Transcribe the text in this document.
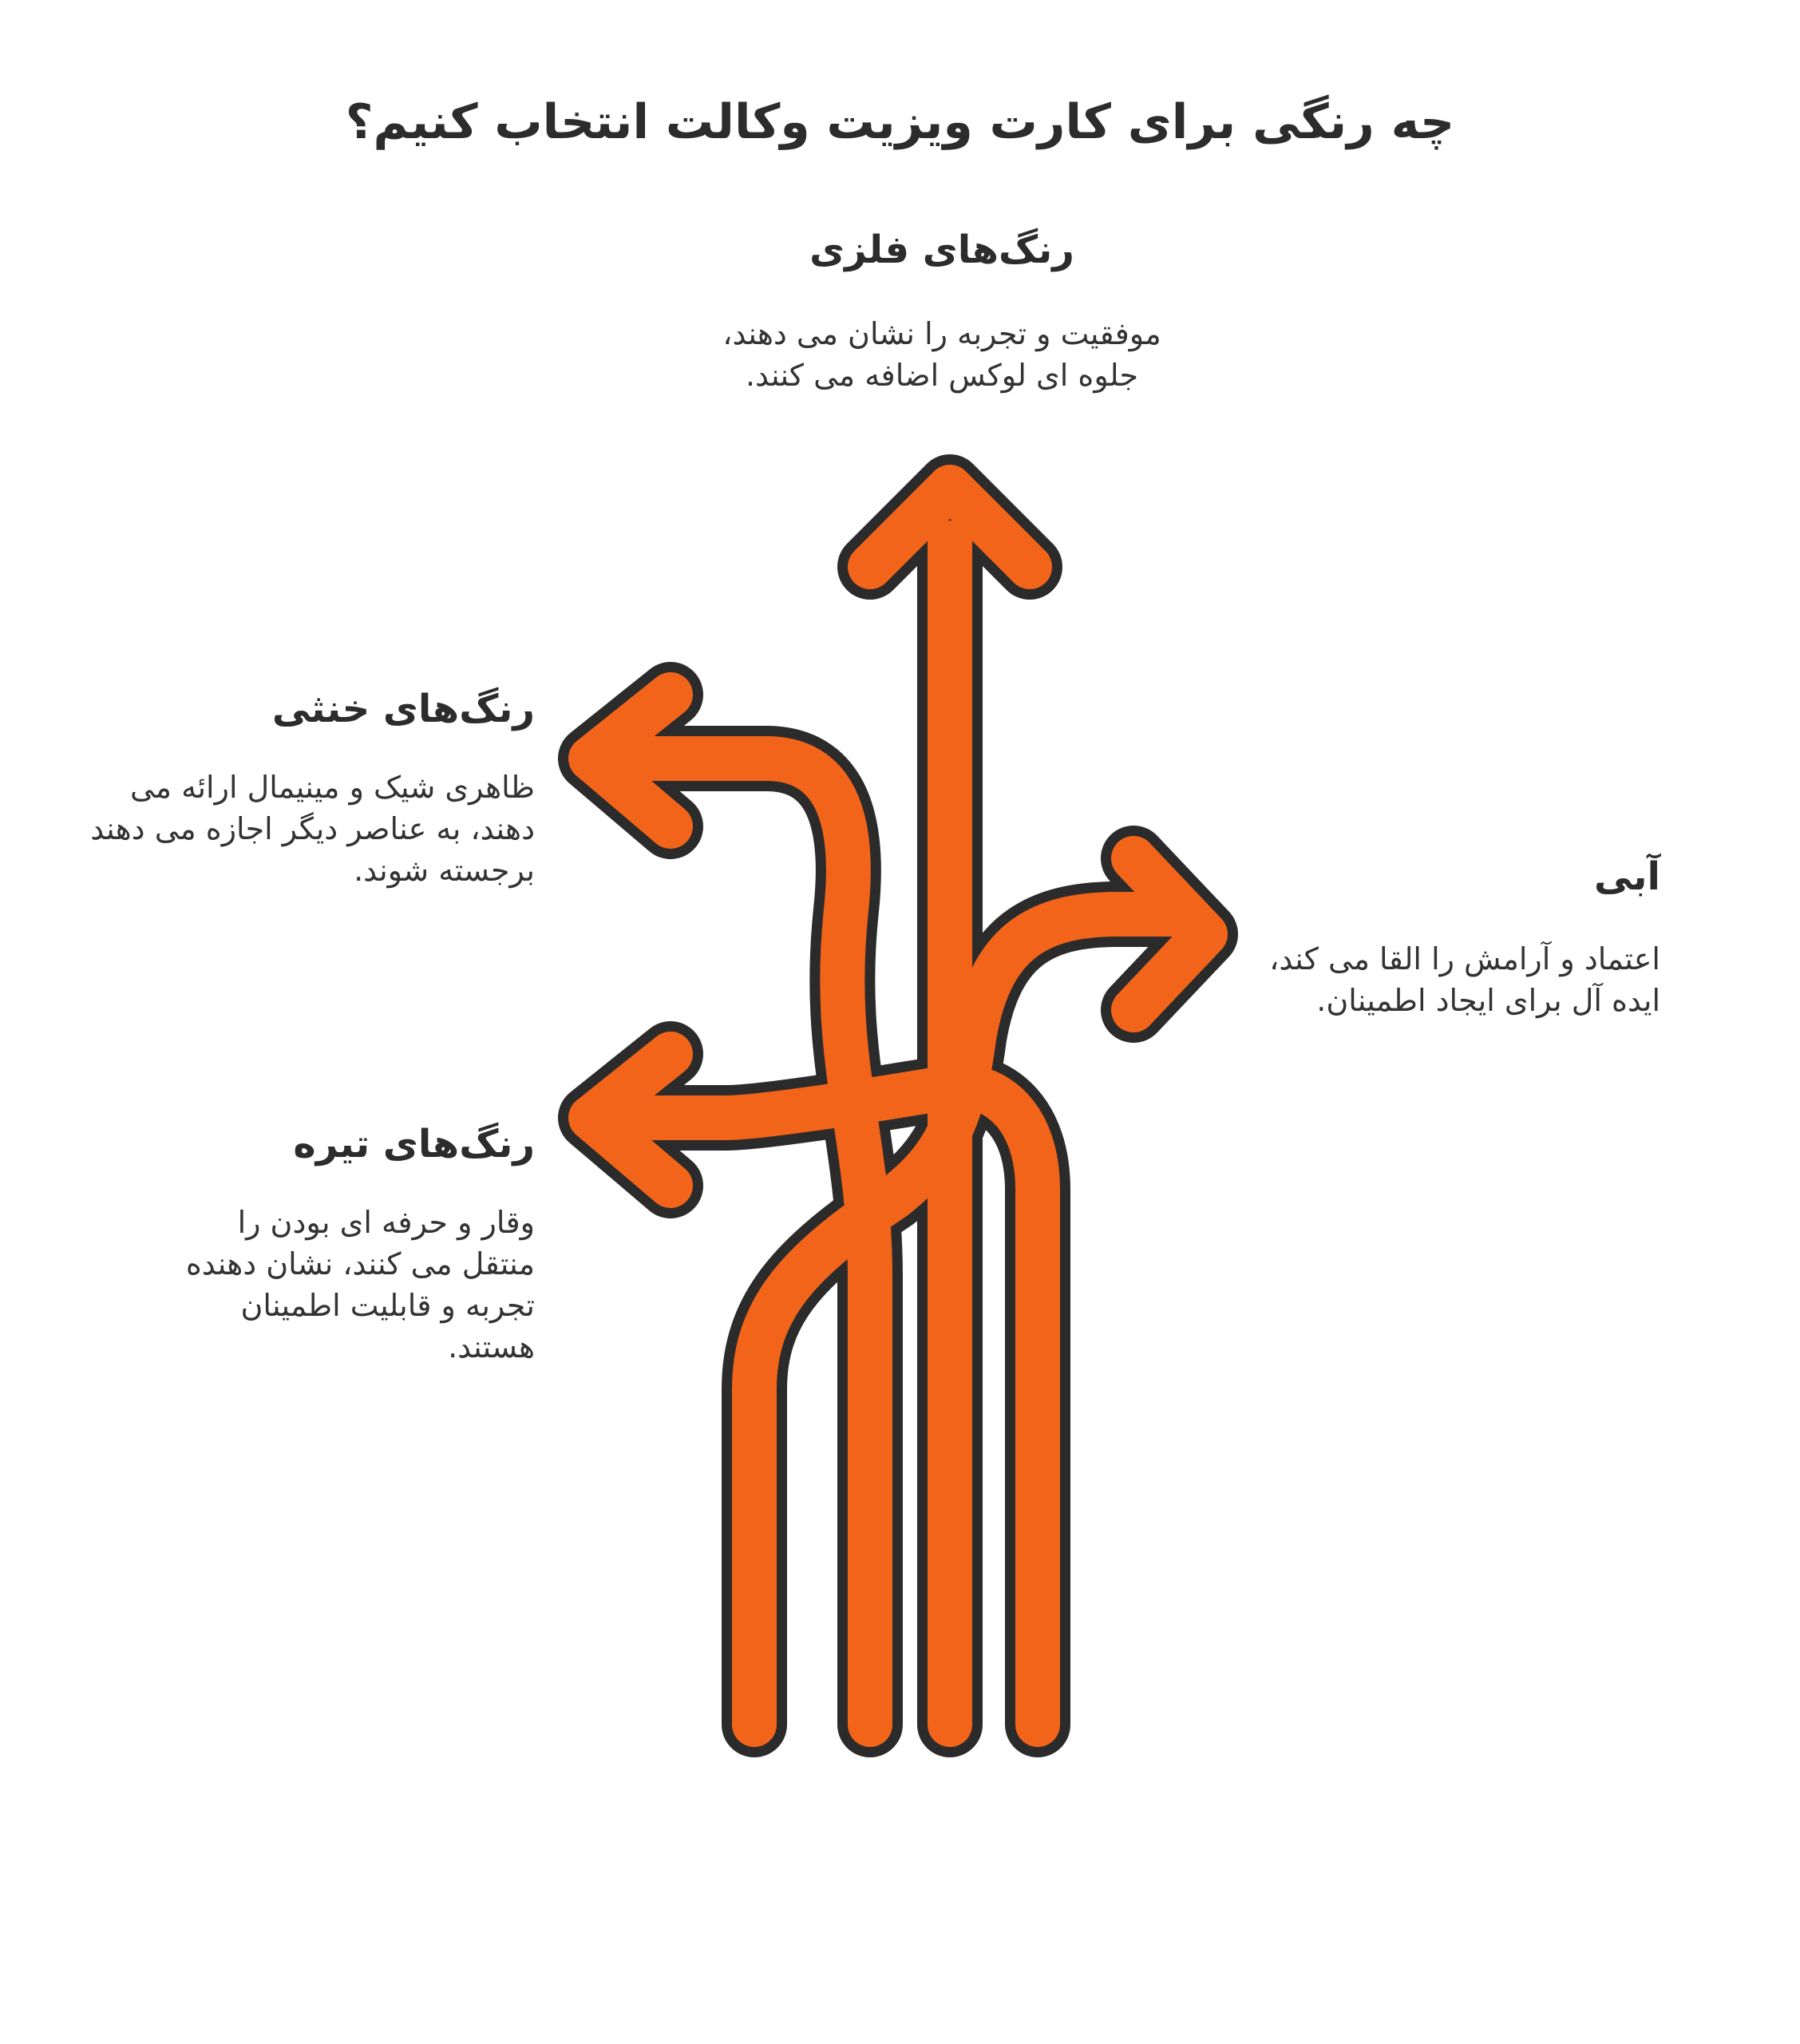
چه رنگی برای کارت ویزیت وکالت انتخاب کنیم؟
رنگ‌های فلزی

موفقیت و تجربه را نشان می دهند، جلوه ای لوکس اضافه می کنند.

رنگ‌های خنثی

ظاهری شیک و مینیمال ارائه می دهند، به عناصر دیگر اجازه می دهند برجسته شوند.	آبی

اعتماد و آرامش را القا می کند، ایده آل برای ایجاد اطمینان.

رنگ‌های تیره

وقار و حرفه ای بودن را منتقل می کنند، نشان دهنده تجربه و قابلیت اطمینان هستند.
